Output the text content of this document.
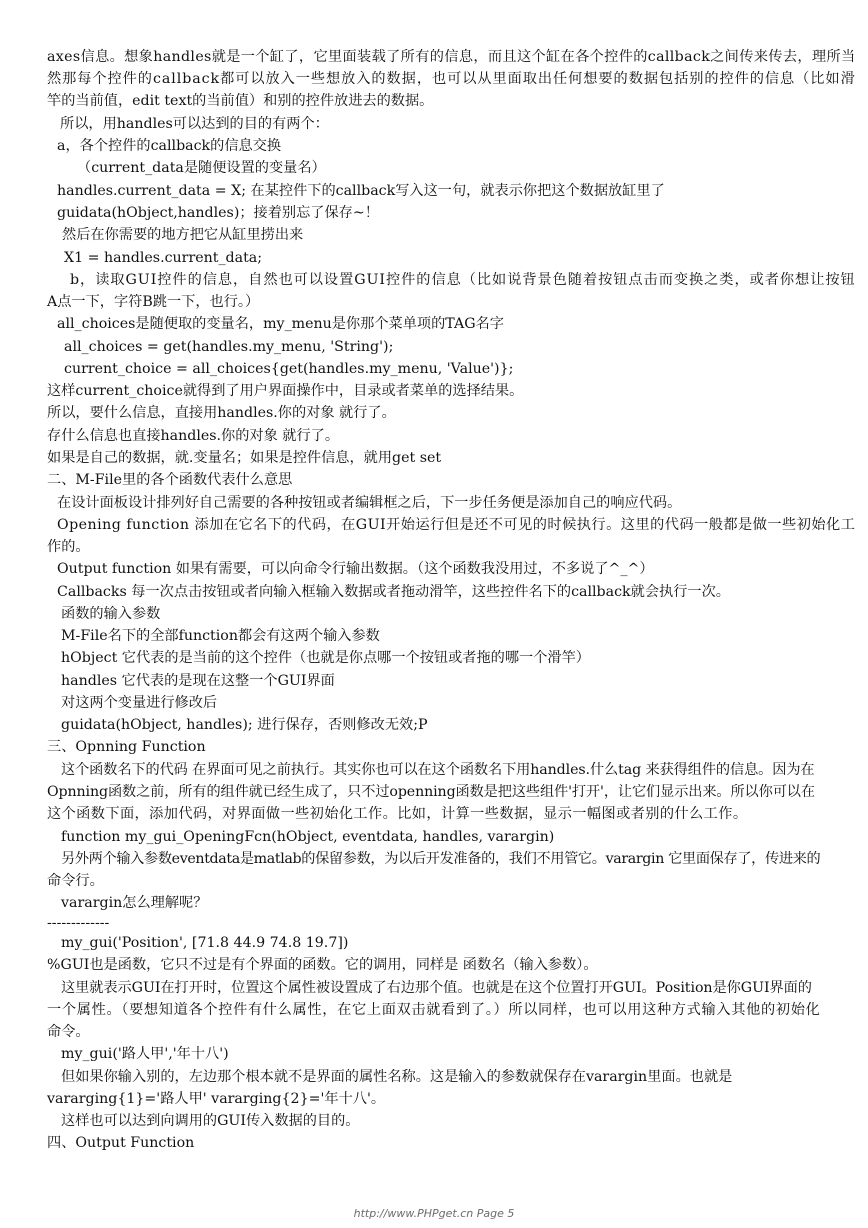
axes信息。想象handles就是一个缸了，它里面装载了所有的信息，而且这个缸在各个控件的callback之间传来传去，理所当
然那每个控件的callback都可以放入一些想放入的数据，也可以从里面取出任何想要的数据包括别的控件的信息（比如滑
竿的当前值，edit text的当前值）和别的控件放进去的数据。
所以，用handles可以达到的目的有两个：
a，各个控件的callback的信息交换
（current_data是随便设置的变量名）
handles.current_data = X; 在某控件下的callback写入这一句，就表示你把这个数据放缸里了
guidata(hObject,handles)；接着别忘了保存~！
然后在你需要的地方把它从缸里捞出来
X1 = handles.current_data;
b，读取GUI控件的信息，自然也可以设置GUI控件的信息（比如说背景色随着按钮点击而变换之类，或者你想让按钮
A点一下，字符B跳一下，也行。）
all_choices是随便取的变量名，my_menu是你那个菜单项的TAG名字
all_choices = get(handles.my_menu, 'String');
current_choice = all_choices{get(handles.my_menu, 'Value')};
这样current_choice就得到了用户界面操作中，目录或者菜单的选择结果。
所以，要什么信息，直接用handles.你的对象 就行了。
存什么信息也直接handles.你的对象 就行了。
如果是自己的数据，就.变量名；如果是控件信息，就用get set
二、M-File里的各个函数代表什么意思
在设计面板设计排列好自己需要的各种按钮或者编辑框之后，下一步任务便是添加自己的响应代码。
Opening function 添加在它名下的代码，在GUI开始运行但是还不可见的时候执行。这里的代码一般都是做一些初始化工
作的。
Output function 如果有需要，可以向命令行输出数据。（这个函数我没用过，不多说了^_^）
Callbacks 每一次点击按钮或者向输入框输入数据或者拖动滑竿，这些控件名下的callback就会执行一次。
函数的输入参数
M-File名下的全部function都会有这两个输入参数
hObject 它代表的是当前的这个控件（也就是你点哪一个按钮或者拖的哪一个滑竿）
handles 它代表的是现在这整一个GUI界面
对这两个变量进行修改后
guidata(hObject, handles); 进行保存，否则修改无效;P
三、Opnning Function
这个函数名下的代码 在界面可见之前执行。其实你也可以在这个函数名下用handles.什么tag 来获得组件的信息。因为在
Opnning函数之前，所有的组件就已经生成了，只不过openning函数是把这些组件'打开'，让它们显示出来。所以你可以在
这个函数下面，添加代码，对界面做一些初始化工作。比如，计算一些数据，显示一幅图或者别的什么工作。
function my_gui_OpeningFcn(hObject, eventdata, handles, varargin)
另外两个输入参数eventdata是matlab的保留参数，为以后开发准备的，我们不用管它。varargin 它里面保存了，传进来的
命令行。
varargin怎么理解呢？
-------------
my_gui('Position', [71.8 44.9 74.8 19.7])
%GUI也是函数，它只不过是有个界面的函数。它的调用，同样是 函数名（输入参数）。
这里就表示GUI在打开时，位置这个属性被设置成了右边那个值。也就是在这个位置打开GUI。Position是你GUI界面的
一个属性。（要想知道各个控件有什么属性，在它上面双击就看到了。）所以同样，也可以用这种方式输入其他的初始化
命令。
my_gui('路人甲','年十八')
但如果你输入别的，左边那个根本就不是界面的属性名称。这是输入的参数就保存在varargin里面。也就是
vararging{1}='路人甲' vararging{2}='年十八'。
这样也可以达到向调用的GUI传入数据的目的。
四、Output Function
http://www.PHPget.cn Page 5
